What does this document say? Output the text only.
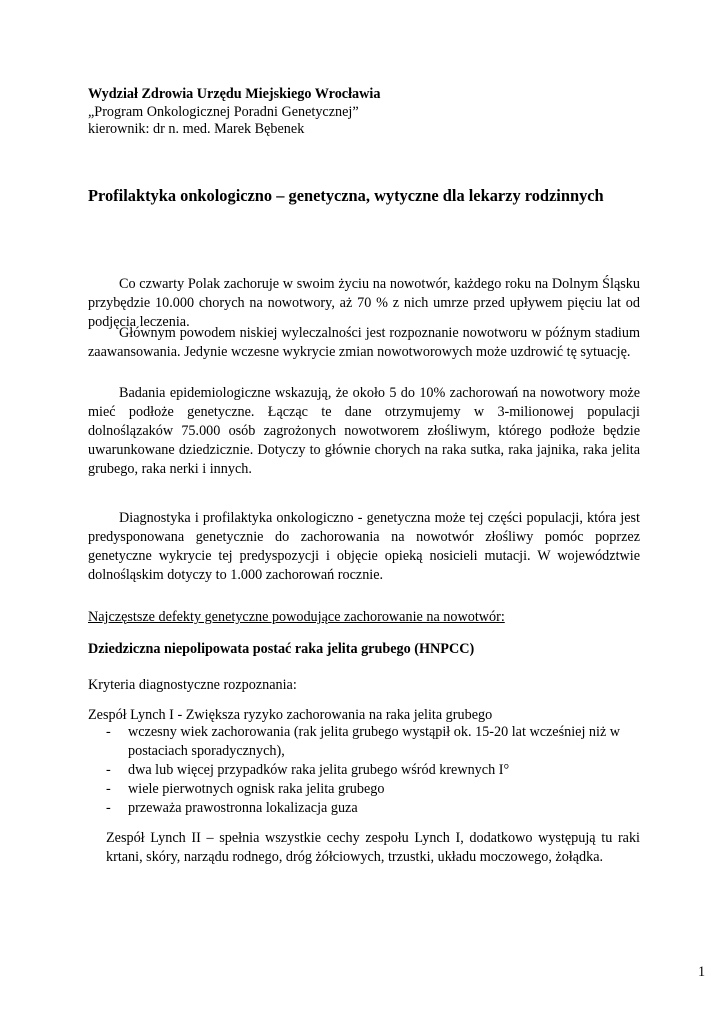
Wydział Zdrowia Urzędu Miejskiego Wrocławia
„Program Onkologicznej Poradni Genetycznej”
kierownik: dr n. med. Marek Bębenek
Profilaktyka onkologiczno – genetyczna, wytyczne dla lekarzy rodzinnych

Co czwarty Polak zachoruje w swoim życiu na nowotwór, każdego roku na Dolnym Śląsku przybędzie 10.000 chorych na nowotwory, aż 70 % z nich umrze przed upływem pięciu lat od podjęcia leczenia.

Głównym powodem niskiej wyleczalności jest rozpoznanie nowotworu w późnym stadium zaawansowania. Jedynie wczesne wykrycie zmian nowotworowych może uzdrowić tę sytuację.

Badania epidemiologiczne wskazują, że około 5 do 10% zachorowań na nowotwory może mieć podłoże genetyczne. Łącząc te dane otrzymujemy w 3-milionowej populacji dolnoślązaków 75.000 osób zagrożonych nowotworem złośliwym, którego podłoże będzie uwarunkowane dziedzicznie. Dotyczy to głównie chorych na raka sutka, raka jajnika, raka jelita grubego, raka nerki i innych.

Diagnostyka i profilaktyka onkologiczno - genetyczna może tej części populacji, która jest predysponowana genetycznie do zachorowania na nowotwór złośliwy pomóc poprzez genetyczne wykrycie tej predyspozycji i objęcie opieką nosicieli mutacji. W województwie dolnośląskim dotyczy to 1.000 zachorowań rocznie.

Najczęstsze defekty genetyczne powodujące zachorowanie na nowotwór:
Dziedziczna niepolipowata postać raka jelita grubego (HNPCC)
Kryteria diagnostyczne rozpoznania:
Zespół Lynch I - Zwiększa ryzyko zachorowania na raka jelita grubego
- wczesny wiek zachorowania (rak jelita grubego wystąpił ok. 15-20 lat wcześniej niż w postaciach sporadycznych),
- dwa lub więcej przypadków raka jelita grubego wśród krewnych I°
- wiele pierwotnych ognisk raka jelita grubego
- przeważa prawostronna lokalizacja guza

Zespół Lynch II – spełnia wszystkie cechy zespołu Lynch I, dodatkowo występują tu raki krtani, skóry, narządu rodnego, dróg żółciowych, trzustki, układu moczowego, żołądka.

1
